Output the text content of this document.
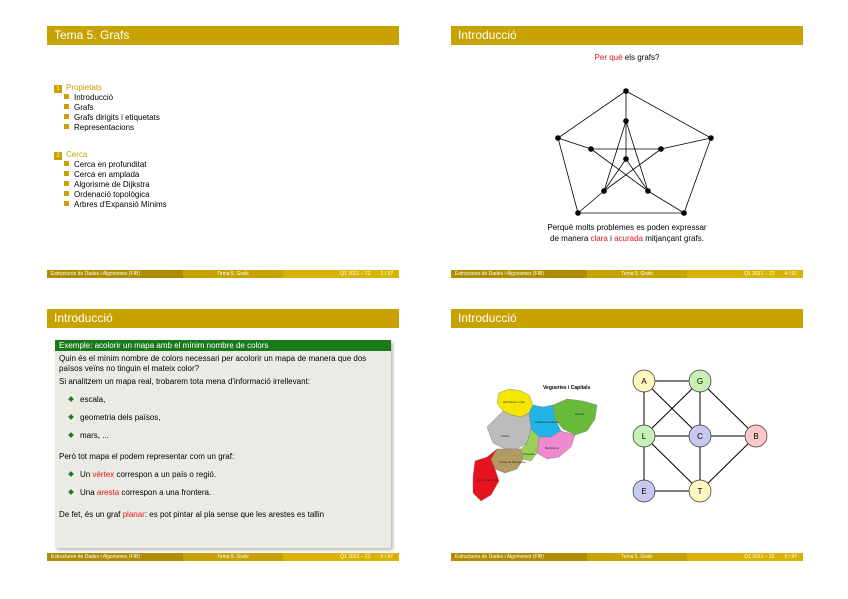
Tema 5. Grafs
1 Propietats
Introducció
Grafs
Grafs dirigits i etiquetats
Representacions
2 Cerca
Cerca en profunditat
Cerca en amplada
Algorisme de Dijkstra
Ordenació topològica
Arbres d'Expansió Mínims
Estructures de Dades i Algorismes (FIB)	Tema 5. Grafs	Q1 2021 – 22 2 / 97
Introducció
Per què els grafs?
Perquè molts problemes es poden expressar
de manera clara i acurada mitjançant grafs.
Estructures de Dades i Algorismes (FIB)	Tema 5. Grafs	Q1 2021 – 22 4 / 97
Introducció
Exemple: acolorir un mapa amb el mínim nombre de colors
Quin és el mínim nombre de colors necessari per acolorir un mapa de manera que dos països veïns no tinguin el mateix color?
Si analitzem un mapa real, trobarem tota mena d'informació irrellevant:
escala,
geometria dels països,
mars, ...
Però tot mapa el podem representar com un graf:
Un vèrtex correspon a un país o regió.
Una aresta correspon a una frontera.
De fet, és un graf planar: es pot pintar al pla sense que les arestes es tallin
Estructures de Dades i Algorismes (FIB)	Tema 5. Grafs	Q1 2021 – 22 5 / 97
Introducció
Vegueries i Capitals
Alt Pirineu i Aran
Lleida
Catalunya central
Girona
Barcelona
Penedès
Camp de Tarragona
Terres de l'Ebre
A	G
L	C	B
E	T
Estructures de Dades i Algorismes (FIB)	Tema 5. Grafs	Q1 2021 – 22 6 / 97
